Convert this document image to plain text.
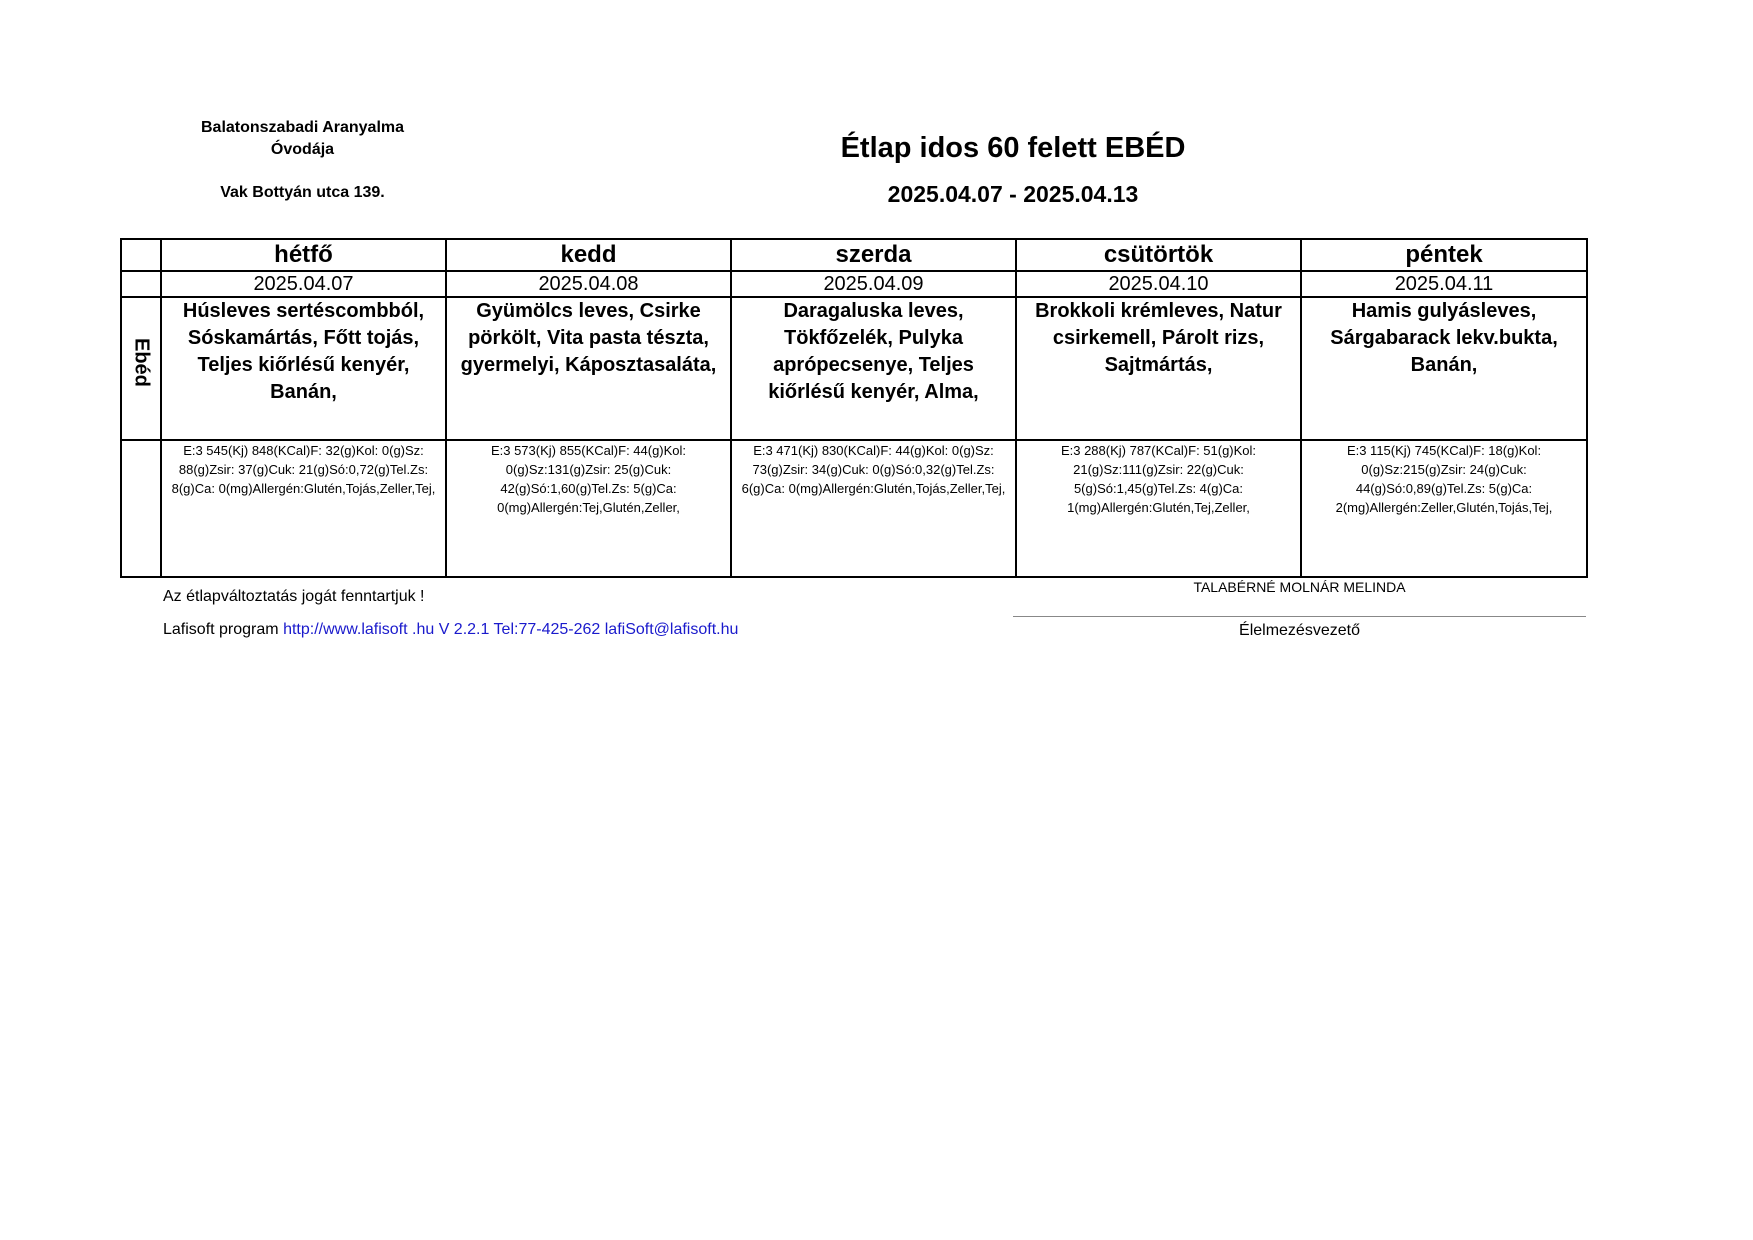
Balatonszabadi Aranyalma
Óvodája
Vak Bottyán utca 139.
Étlap idos 60 felett EBÉD
2025.04.07 - 2025.04.13
	hétfő	kedd	szerda	csütörtök	péntek
	2025.04.07	2025.04.08	2025.04.09	2025.04.10	2025.04.11
Ebéd	Húsleves sertéscombból, Sóskamártás, Főtt tojás, Teljes kiőrlésű kenyér, Banán,	Gyümölcs leves, Csirke pörkölt, Vita pasta tészta, gyermelyi, Káposztasaláta,	Daragaluska leves, Tökfőzelék, Pulyka aprópecsenye, Teljes kiőrlésű kenyér, Alma,	Brokkoli krémleves, Natur csirkemell, Párolt rizs, Sajtmártás,	Hamis gulyásleves, Sárgabarack lekv.bukta, Banán,
	E:3 545(Kj) 848(KCal)F: 32(g)Kol: 0(g)Sz: 88(g)Zsir: 37(g)Cuk: 21(g)Só:0,72(g)Tel.Zs: 8(g)Ca: 0(mg)Allergén:Glutén,Tojás,Zeller,Tej,	E:3 573(Kj) 855(KCal)F: 44(g)Kol: 0(g)Sz:131(g)Zsir: 25(g)Cuk: 42(g)Só:1,60(g)Tel.Zs: 5(g)Ca: 0(mg)Allergén:Tej,Glutén,Zeller,	E:3 471(Kj) 830(KCal)F: 44(g)Kol: 0(g)Sz: 73(g)Zsir: 34(g)Cuk: 0(g)Só:0,32(g)Tel.Zs: 6(g)Ca: 0(mg)Allergén:Glutén,Tojás,Zeller,Tej,	E:3 288(Kj) 787(KCal)F: 51(g)Kol: 21(g)Sz:111(g)Zsir: 22(g)Cuk: 5(g)Só:1,45(g)Tel.Zs: 4(g)Ca: 1(mg)Allergén:Glutén,Tej,Zeller,	E:3 115(Kj) 745(KCal)F: 18(g)Kol: 0(g)Sz:215(g)Zsir: 24(g)Cuk: 44(g)Só:0,89(g)Tel.Zs: 5(g)Ca: 2(mg)Allergén:Zeller,Glutén,Tojás,Tej,
Az étlapváltoztatás jogát fenntartjuk !
Lafisoft program http://www.lafisoft .hu V 2.2.1 Tel:77-425-262 lafiSoft@lafisoft.hu
TALABÉRNÉ MOLNÁR MELINDA
Élelmezésvezető
